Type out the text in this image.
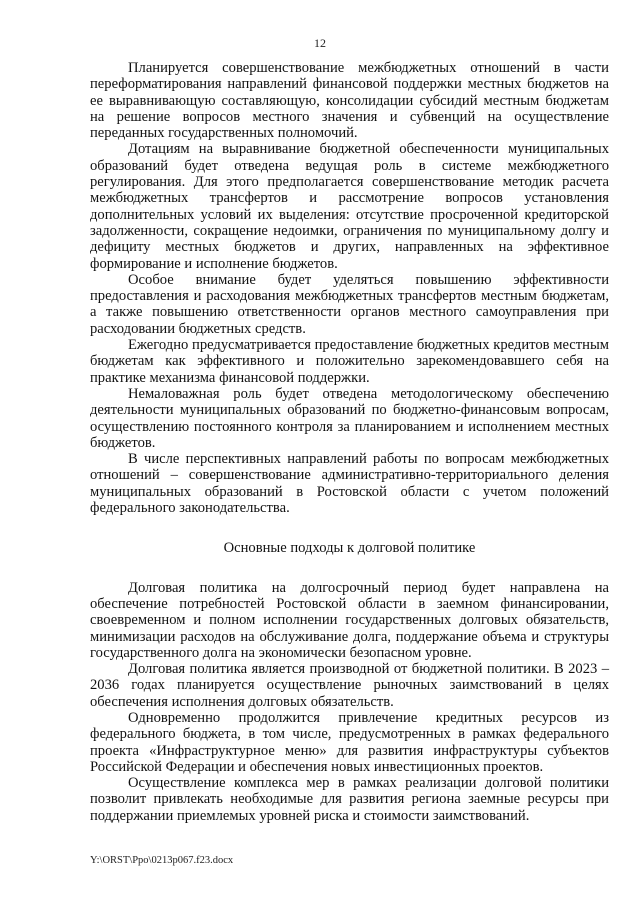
12

Планируется совершенствование межбюджетных отношений в части переформатирования направлений финансовой поддержки местных бюджетов на ее выравнивающую составляющую, консолидации субсидий местным бюджетам на решение вопросов местного значения и субвенций на осуществление переданных государственных полномочий.

Дотациям на выравнивание бюджетной обеспеченности муниципальных образований будет отведена ведущая роль в системе межбюджетного регулирования. Для этого предполагается совершенствование методик расчета межбюджетных трансфертов и рассмотрение вопросов установления дополнительных условий их выделения: отсутствие просроченной кредиторской задолженности, сокращение недоимки, ограничения по муниципальному долгу и дефициту местных бюджетов и других, направленных на эффективное формирование и исполнение бюджетов.

Особое внимание будет уделяться повышению эффективности предоставления и расходования межбюджетных трансфертов местным бюджетам, а также повышению ответственности органов местного самоуправления при расходовании бюджетных средств.

Ежегодно предусматривается предоставление бюджетных кредитов местным бюджетам как эффективного и положительно зарекомендовавшего себя на практике механизма финансовой поддержки.

Немаловажная роль будет отведена методологическому обеспечению деятельности муниципальных образований по бюджетно-финансовым вопросам, осуществлению постоянного контроля за планированием и исполнением местных бюджетов.

В числе перспективных направлений работы по вопросам межбюджетных отношений – совершенствование административно-территориального деления муниципальных образований в Ростовской области с учетом положений федерального законодательства.

Основные подходы к долговой политике

Долговая политика на долгосрочный период будет направлена на обеспечение потребностей Ростовской области в заемном финансировании, своевременном и полном исполнении государственных долговых обязательств, минимизации расходов на обслуживание долга, поддержание объема и структуры государственного долга на экономически безопасном уровне.

Долговая политика является производной от бюджетной политики. В 2023 – 2036 годах планируется осуществление рыночных заимствований в целях обеспечения исполнения долговых обязательств.

Одновременно продолжится привлечение кредитных ресурсов из федерального бюджета, в том числе, предусмотренных в рамках федерального проекта «Инфраструктурное меню» для развития инфраструктуры субъектов Российской Федерации и обеспечения новых инвестиционных проектов.

Осуществление комплекса мер в рамках реализации долговой политики позволит привлекать необходимые для развития региона заемные ресурсы при поддержании приемлемых уровней риска и стоимости заимствований.

Y:\ORST\Ppo\0213p067.f23.docx
